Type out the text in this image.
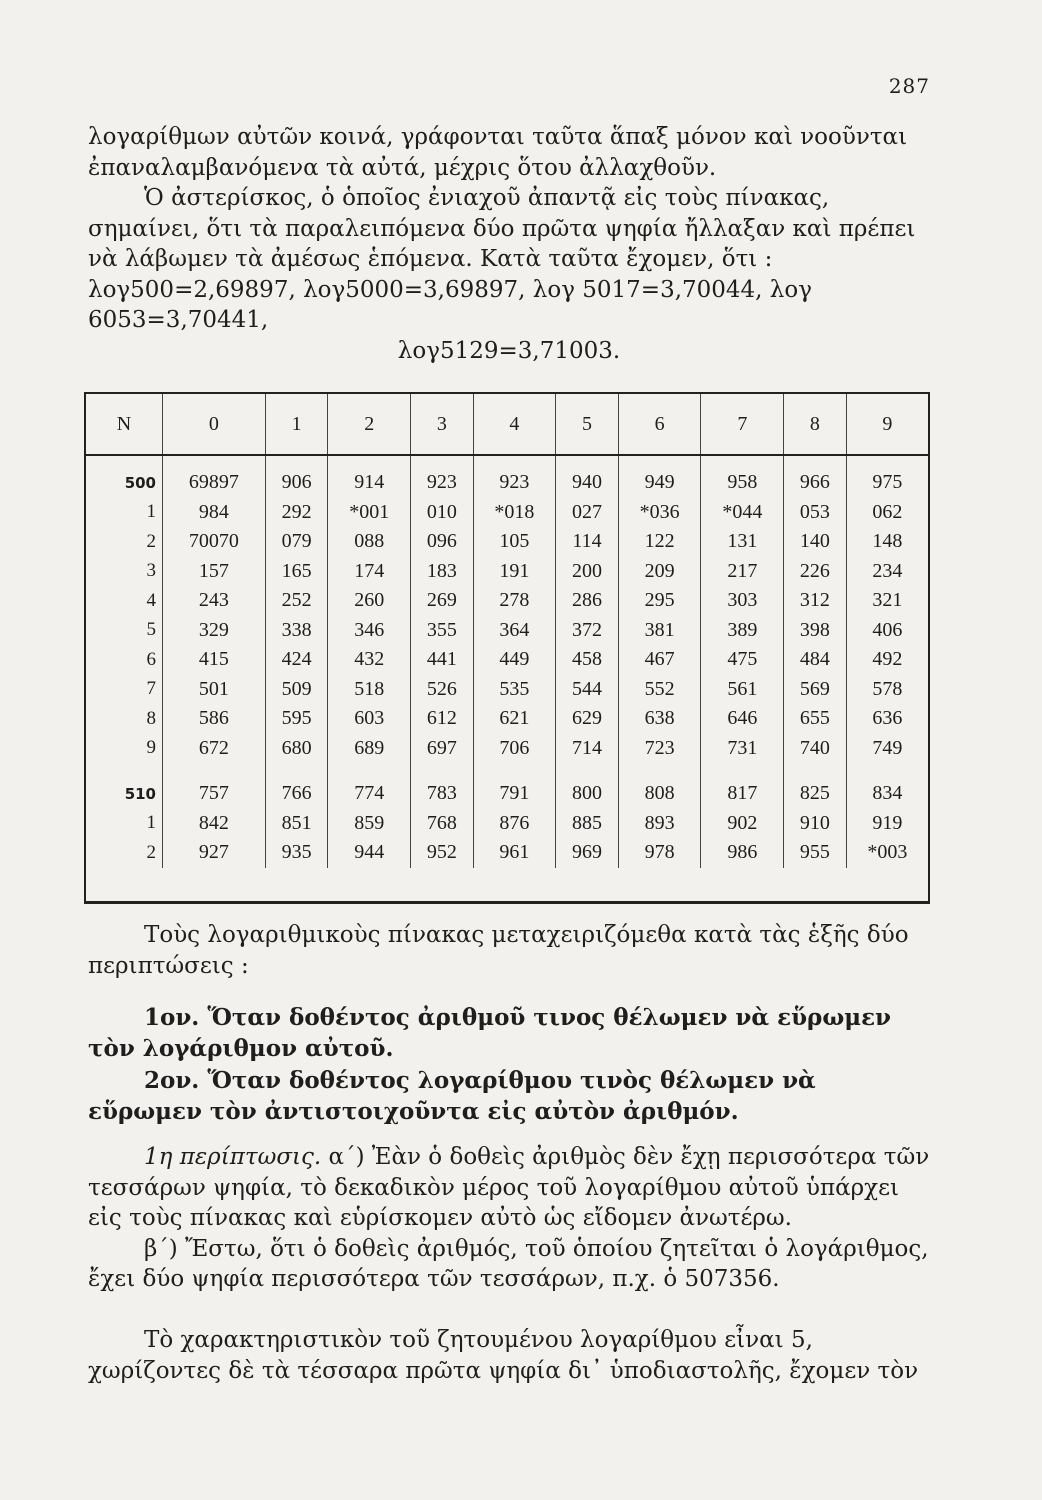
287
λογαρίθμων αὐτῶν κοινά, γράφονται ταῦτα ἅπαξ μόνον καὶ νοοῦνται ἐπαναλαμβανόμενα τὰ αὐτά, μέχρις ὅτου ἀλλαχθοῦν.
Ὁ ἀστερίσκος, ὁ ὁποῖος ἐνιαχοῦ ἀπαντᾷ εἰς τοὺς πίνακας, σημαίνει, ὅτι τὰ παραλειπόμενα δύο πρῶτα ψηφία ἤλλαξαν καὶ πρέπει νὰ λάβωμεν τὰ ἀμέσως ἑπόμενα. Κατὰ ταῦτα ἔχομεν, ὅτι : λογ500=2,69897, λογ5000=3,69897, λογ 5017=3,70044, λογ 6053=3,70441,
λογ5129=3,71003.
N	0	1	2	3	4	5	6	7	8	9
500	69897	906	914	923	923	940	949	958	966	975
1	984	292	*001	010	*018	027	*036	*044	053	062
2	70070	079	088	096	105	114	122	131	140	148
3	157	165	174	183	191	200	209	217	226	234
4	243	252	260	269	278	286	295	303	312	321
5	329	338	346	355	364	372	381	389	398	406
6	415	424	432	441	449	458	467	475	484	492
7	501	509	518	526	535	544	552	561	569	578
8	586	595	603	612	621	629	638	646	655	636
9	672	680	689	697	706	714	723	731	740	749

510	757	766	774	783	791	800	808	817	825	834
1	842	851	859	768	876	885	893	902	910	919
2	927	935	944	952	961	969	978	986	955	*003

Τοὺς λογαριθμικοὺς πίνακας μεταχειριζόμεθα κατὰ τὰς ἑξῆς δύο περιπτώσεις :

1ον. Ὅταν δοθέντος ἀριθμοῦ τινος θέλωμεν νὰ εὕρωμεν τὸν λογάριθμον αὐτοῦ.

2ον. Ὅταν δοθέντος λογαρίθμου τινὸς θέλωμεν νὰ εὕρωμεν τὸν ἀντιστοιχοῦντα εἰς αὐτὸν ἀριθμόν.

1η περίπτωσις. α΄) Ἐὰν ὁ δοθεὶς ἀριθμὸς δὲν ἔχῃ περισσότερα τῶν τεσσάρων ψηφία, τὸ δεκαδικὸν μέρος τοῦ λογαρίθμου αὐτοῦ ὑπάρχει εἰς τοὺς πίνακας καὶ εὑρίσκομεν αὐτὸ ὡς εἴδομεν ἀνωτέρω.
β΄) Ἔστω, ὅτι ὁ δοθεὶς ἀριθμός, τοῦ ὁποίου ζητεῖται ὁ λογάριθμος, ἔχει δύο ψηφία περισσότερα τῶν τεσσάρων, π.χ. ὁ 507356.

Τὸ χαρακτηριστικὸν τοῦ ζητουμένου λογαρίθμου εἶναι 5, χωρίζοντες δὲ τὰ τέσσαρα πρῶτα ψηφία δι᾽ ὑποδιαστολῆς, ἔχομεν τὸν
